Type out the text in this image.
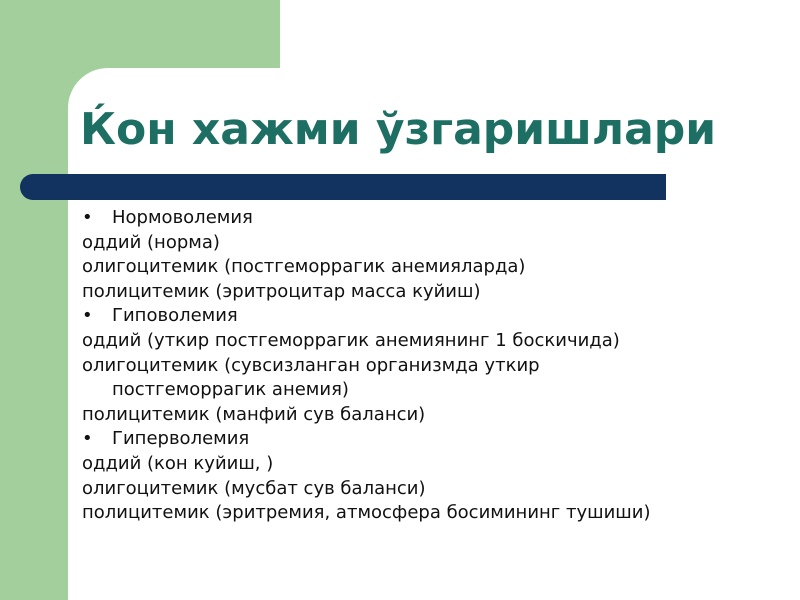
Ќон хажми ўзгаришлари
• Нормоволемия
оддий (норма)
олигоцитемик (постгеморрагик анемияларда)
полицитемик (эритроцитар масса куйиш)
• Гиповолемия
оддий (уткир постгеморрагик анемиянинг 1 боскичида)
олигоцитемик (сувсизланган организмда уткир
постгеморрагик анемия)
полицитемик (манфий сув баланси)
• Гиперволемия
оддий (кон куйиш, )
олигоцитемик (мусбат сув баланси)
полицитемик (эритремия, атмосфера босимининг тушиши)
